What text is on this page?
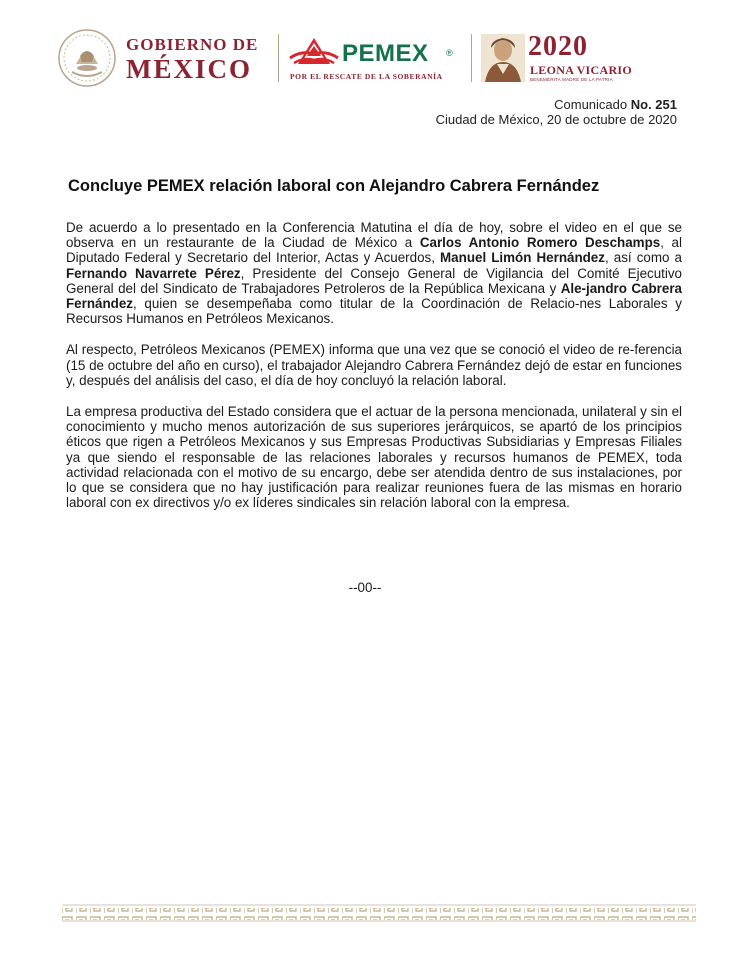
GOBIERNO DE
MÉXICO
PEMEX ®
POR EL RESCATE DE LA SOBERANÍA
2020
LEONA VICARIO
BENEMÉRITA MADRE DE LA PATRIA
Comunicado No. 251
Ciudad de México, 20 de octubre de 2020
Concluye PEMEX relación laboral con Alejandro Cabrera Fernández

De acuerdo a lo presentado en la Conferencia Matutina el día de hoy, sobre el video en el que se observa en un restaurante de la Ciudad de México a Carlos Antonio Romero Deschamps, al Diputado Federal y Secretario del Interior, Actas y Acuerdos, Manuel Limón Hernández, así como a Fernando Navarrete Pérez, Presidente del Consejo General de Vigilancia del Comité Ejecutivo General del del Sindicato de Trabajadores Petroleros de la República Mexicana y Ale-jandro Cabrera Fernández, quien se desempeñaba como titular de la Coordinación de Relacio-nes Laborales y Recursos Humanos en Petróleos Mexicanos.

Al respecto, Petróleos Mexicanos (PEMEX) informa que una vez que se conoció el video de re-ferencia (15 de octubre del año en curso), el trabajador Alejandro Cabrera Fernández dejó de estar en funciones y, después del análisis del caso, el día de hoy concluyó la relación laboral.

La empresa productiva del Estado considera que el actuar de la persona mencionada, unilateral y sin el conocimiento y mucho menos autorización de sus superiores jerárquicos, se apartó de los principios éticos que rigen a Petróleos Mexicanos y sus Empresas Productivas Subsidiarias y Empresas Filiales ya que siendo el responsable de las relaciones laborales y recursos humanos de PEMEX, toda actividad relacionada con el motivo de su encargo, debe ser atendida dentro de sus instalaciones, por lo que se considera que no hay justificación para realizar reuniones fuera de las mismas en horario laboral con ex directivos y/o ex líderes sindicales sin relación laboral con la empresa.

--00--
